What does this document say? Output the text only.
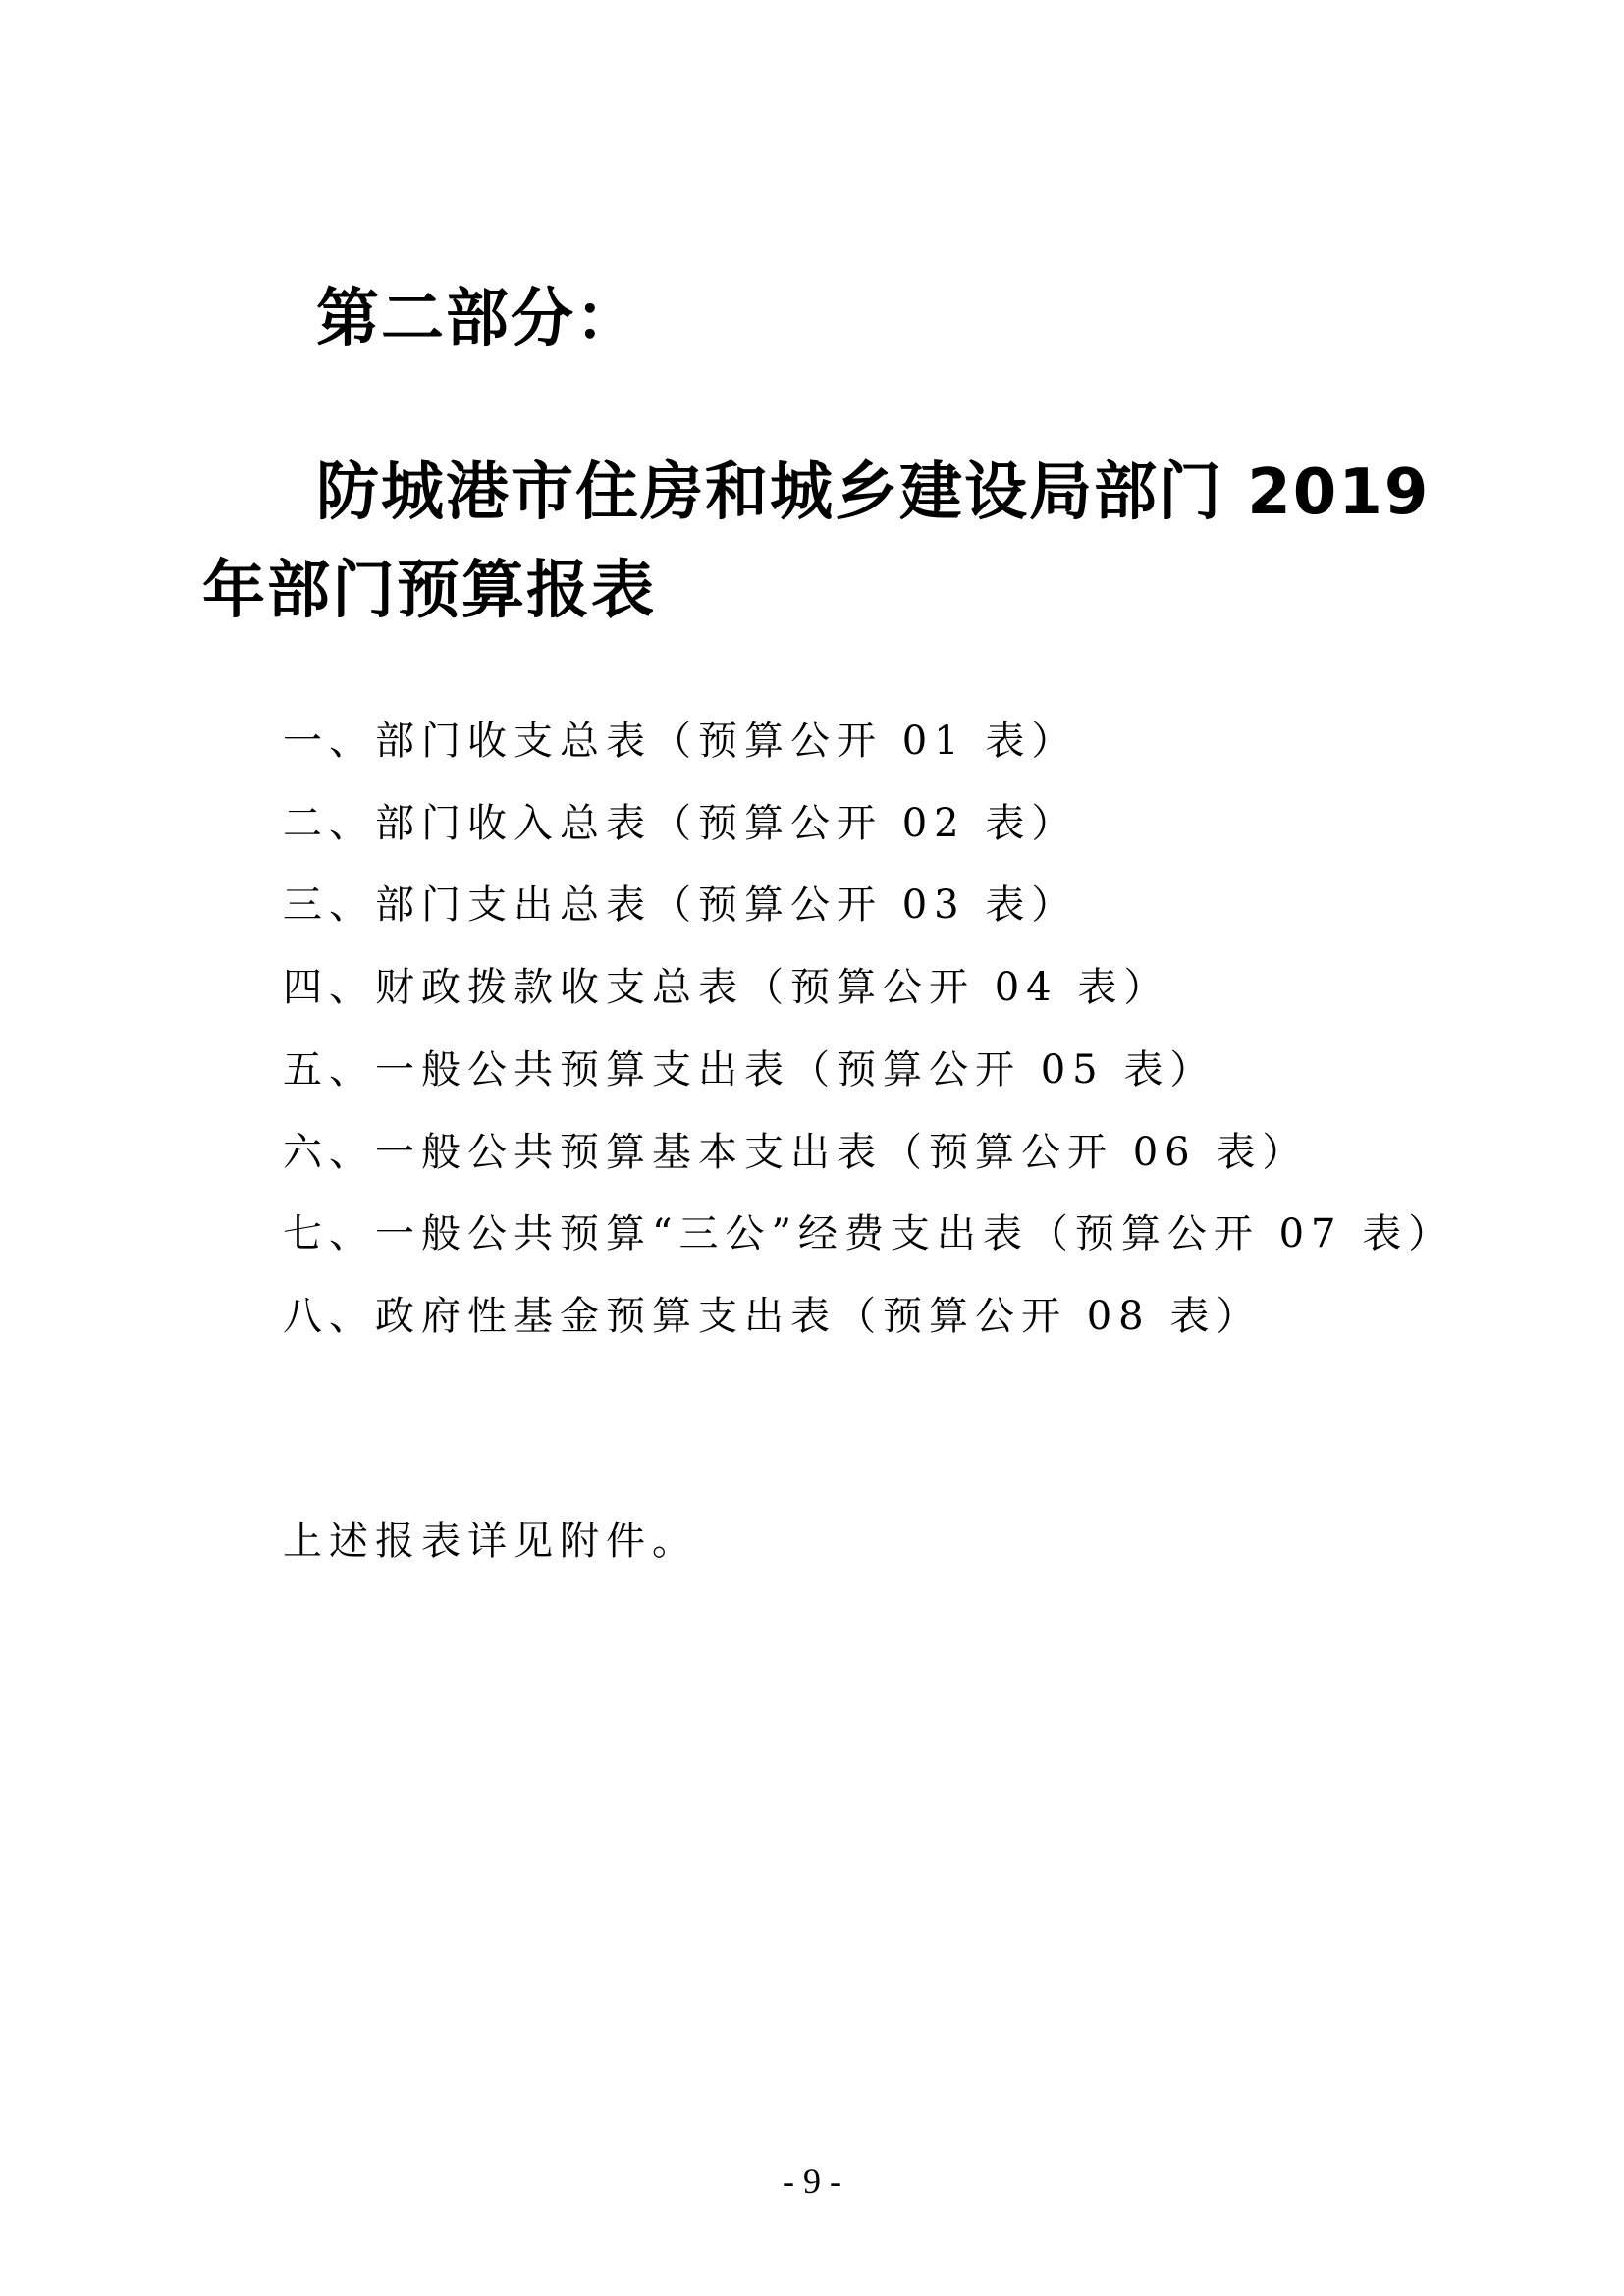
第二部分：
防城港市住房和城乡建设局部门 2019 年部门预算报表
一、部门收支总表（预算公开 01 表）
二、部门收入总表（预算公开 02 表）
三、部门支出总表（预算公开 03 表）
四、财政拨款收支总表（预算公开 04 表）
五、一般公共预算支出表（预算公开 05 表）
六、一般公共预算基本支出表（预算公开 06 表）
七、一般公共预算“三公”经费支出表（预算公开 07 表）
八、政府性基金预算支出表（预算公开 08 表）

上述报表详见附件。

- 9 -
